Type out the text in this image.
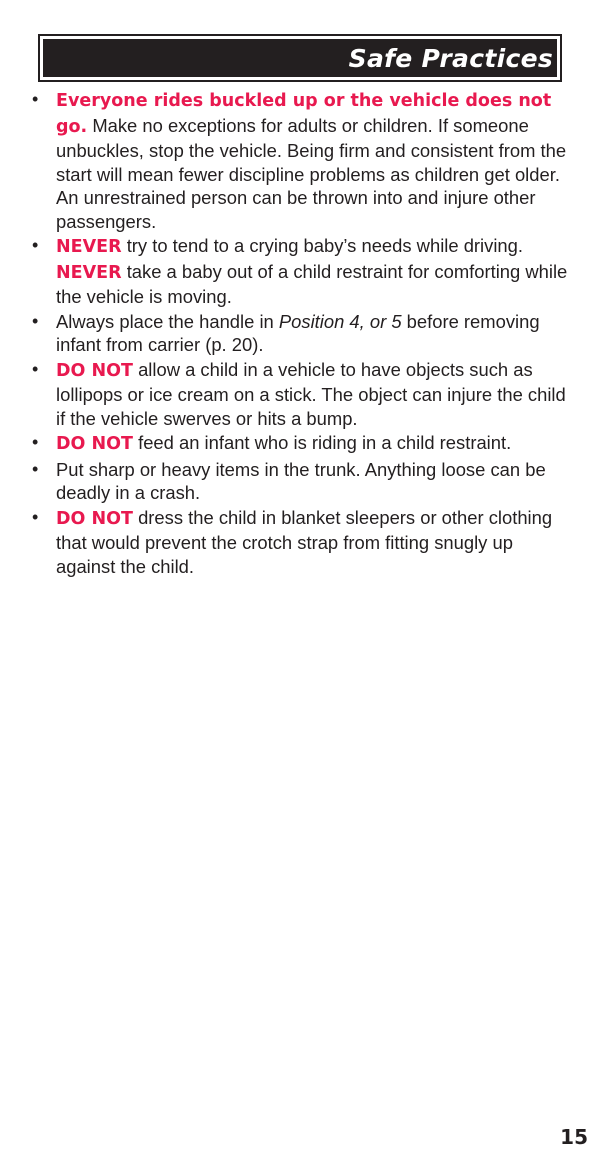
Safe Practices
• Everyone rides buckled up or the vehicle does not go. Make no exceptions for adults or children. If someone unbuckles, stop the vehicle. Being firm and consistent from the start will mean fewer discipline problems as children get older. An unrestrained person can be thrown into and injure other passengers.
• NEVER try to tend to a crying baby’s needs while driving.
NEVER take a baby out of a child restraint for comforting while the vehicle is moving.
• Always place the handle in Position 4, or 5 before removing infant from carrier (p. 20).
• DO NOT allow a child in a vehicle to have objects such as lollipops or ice cream on a stick. The object can injure the child if the vehicle swerves or hits a bump.
• DO NOT feed an infant who is riding in a child restraint.
• Put sharp or heavy items in the trunk. Anything loose can be deadly in a crash.
• DO NOT dress the child in blanket sleepers or other clothing that would prevent the crotch strap from fitting snugly up against the child.
15
